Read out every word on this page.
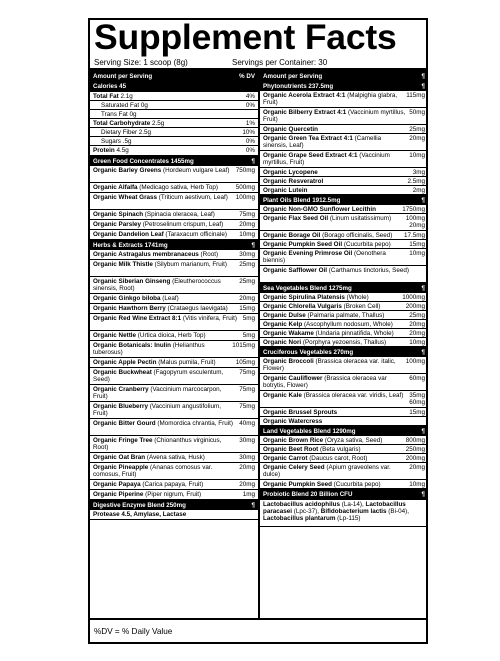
Supplement Facts
Serving Size: 1 scoop (8g)	Servings per Container: 30
Amount per Serving	% DV
Calories 45
Total Fat 2.1g	4%
Saturated Fat 0g	0%
Trans Fat 0g
Total Carbohydrate 2.5g	1%
Dietary Fiber 2.5g	10%
Sugars .5g	0%
Protein 4.5g	0%
Green Food Concentrates 1455mg	¶
Organic Barley Greens (Hordeum vulgare Leaf) 750mg
Organic Alfalfa (Medicago sativa, Herb Top)	500mg
Organic Wheat Grass (Triticum aestivum, Leaf)	100mg
Organic Spinach (Spinacia oleracea, Leaf)	75mg
Organic Parsley (Petroselinum crispum, Leaf)	20mg
Organic Dandelion Leaf (Taraxacum officinale)	10mg
Herbs & Extracts 1741mg	¶
Organic Astragalus membranaceus (Root)	30mg
Organic Milk Thistle (Silybum marianum, Fruit)	25mg
Organic Siberian Ginseng (Eleutherococcus sinensis, Root)
25mg
Organic Ginkgo biloba (Leaf)	20mg
Organic Hawthorn Berry (Crataegus laevigata)	15mg
Organic Red Wine Extract 8:1 (Vitis vinifera, Fruit) 5mg
Organic Nettle (Urtica dioica, Herb Top)	5mg
Organic Botanicals: Inulin (Helianthus tuberosus)
1015mg
Organic Apple Pectin (Malus pumila, Fruit)	105mg
Organic Buckwheat (Fagopyrum esculentum, Seed)
75mg
Organic Cranberry (Vaccinium marcocarpon, Fruit)
75mg
Organic Blueberry (Vaccinium angustifolium, Fruit)
75mg
Organic Bitter Gourd (Momordica chrantia, Fruit) 40mg
Organic Fringe Tree (Chionanthus virginicus, Root)
30mg
Organic Oat Bran (Avena sativa, Husk)	30mg
Organic Pineapple (Ananas comosus var. comosus, Fruit)
20mg
Organic Papaya (Carica papaya, Fruit)	20mg
Organic Piperine (Piper nigrum, Fruit)	1mg
Digestive Enzyme Blend 250mg	¶
Protease 4.5, Amylase, Lactase
Amount per Serving	¶
Phytonutrients 237.5mg	¶
Organic Acerola Extract 4:1 (Malpighia glabra, Fruit)
115mg
Organic Bilberry Extract 4:1 (Vaccinium myrtillus, Fruit)
50mg
Organic Quercetin	25mg
Organic Green Tea Extract 4:1 (Camellia sinensis, Leaf)
20mg
Organic Grape Seed Extract 4:1 (Vaccinium myrtillus, Fruit)
10mg
Organic Lycopene	3mg
Organic Resveratrol	2.5mg
Organic Lutein	2mg
Plant Oils Blend 1912.5mg	¶
Organic Non-GMO Sunflower Lecithin	1750mg
Organic Flax Seed Oil (Linum usitatissimum)	100mg
20mg
Organic Borage Oil (Borago officinalis, Seed)	17.5mg
Organic Pumpkin Seed Oil (Cucurbita pepo)	15mg
Organic Evening Primrose Oil (Oenothera biennis)
10mg
Organic Safflower Oil (Carthamus tinctorius, Seed)
Sea Vegetables Blend 1275mg	¶
Organic Spirulina Platensis (Whole)	1000mg
Organic Chlorella Vulgaris (Broken Cell)	200mg
Organic Dulse (Palmaria palmate, Thallus)	25mg
Organic Kelp (Ascophyllum nodosum, Whole)	20mg
Organic Wakame (Undaria pinnatifida, Whole)	20mg
Organic Nori (Porphyra yezoensis, Thallus)	10mg
Cruciferous Vegetables 270mg	¶
Organic Broccoli (Brassica oleracea var. italic, Flower)
100mg
Organic Cauliflower (Brassica oleracea var botrytis, Flower)
60mg
Organic Kale (Brassica oleracea var. viridis, Leaf) 35mg
60mg
Organic Brussel Sprouts	15mg
Organic Watercress
Land Vegetables Blend 1290mg	¶
Organic Brown Rice (Oryza sativa, Seed)	800mg
Organic Beet Root (Beta vulgaris)	250mg
Organic Carrot (Daucus carot, Root)	200mg
Organic Celery Seed (Apium graveolens var. dulce)
20mg
Organic Pumpkin Seed (Cucurbita pepo)	10mg
Probiotic Blend 20 Billion CFU	¶
Lactobacillus acidophilus (La-14), Lactobacillus paracasei (Lpc-37), Bifidobacterium lactis (Bi-04), Lactobacillus plantarum (Lp-115)
%DV = % Daily Value
